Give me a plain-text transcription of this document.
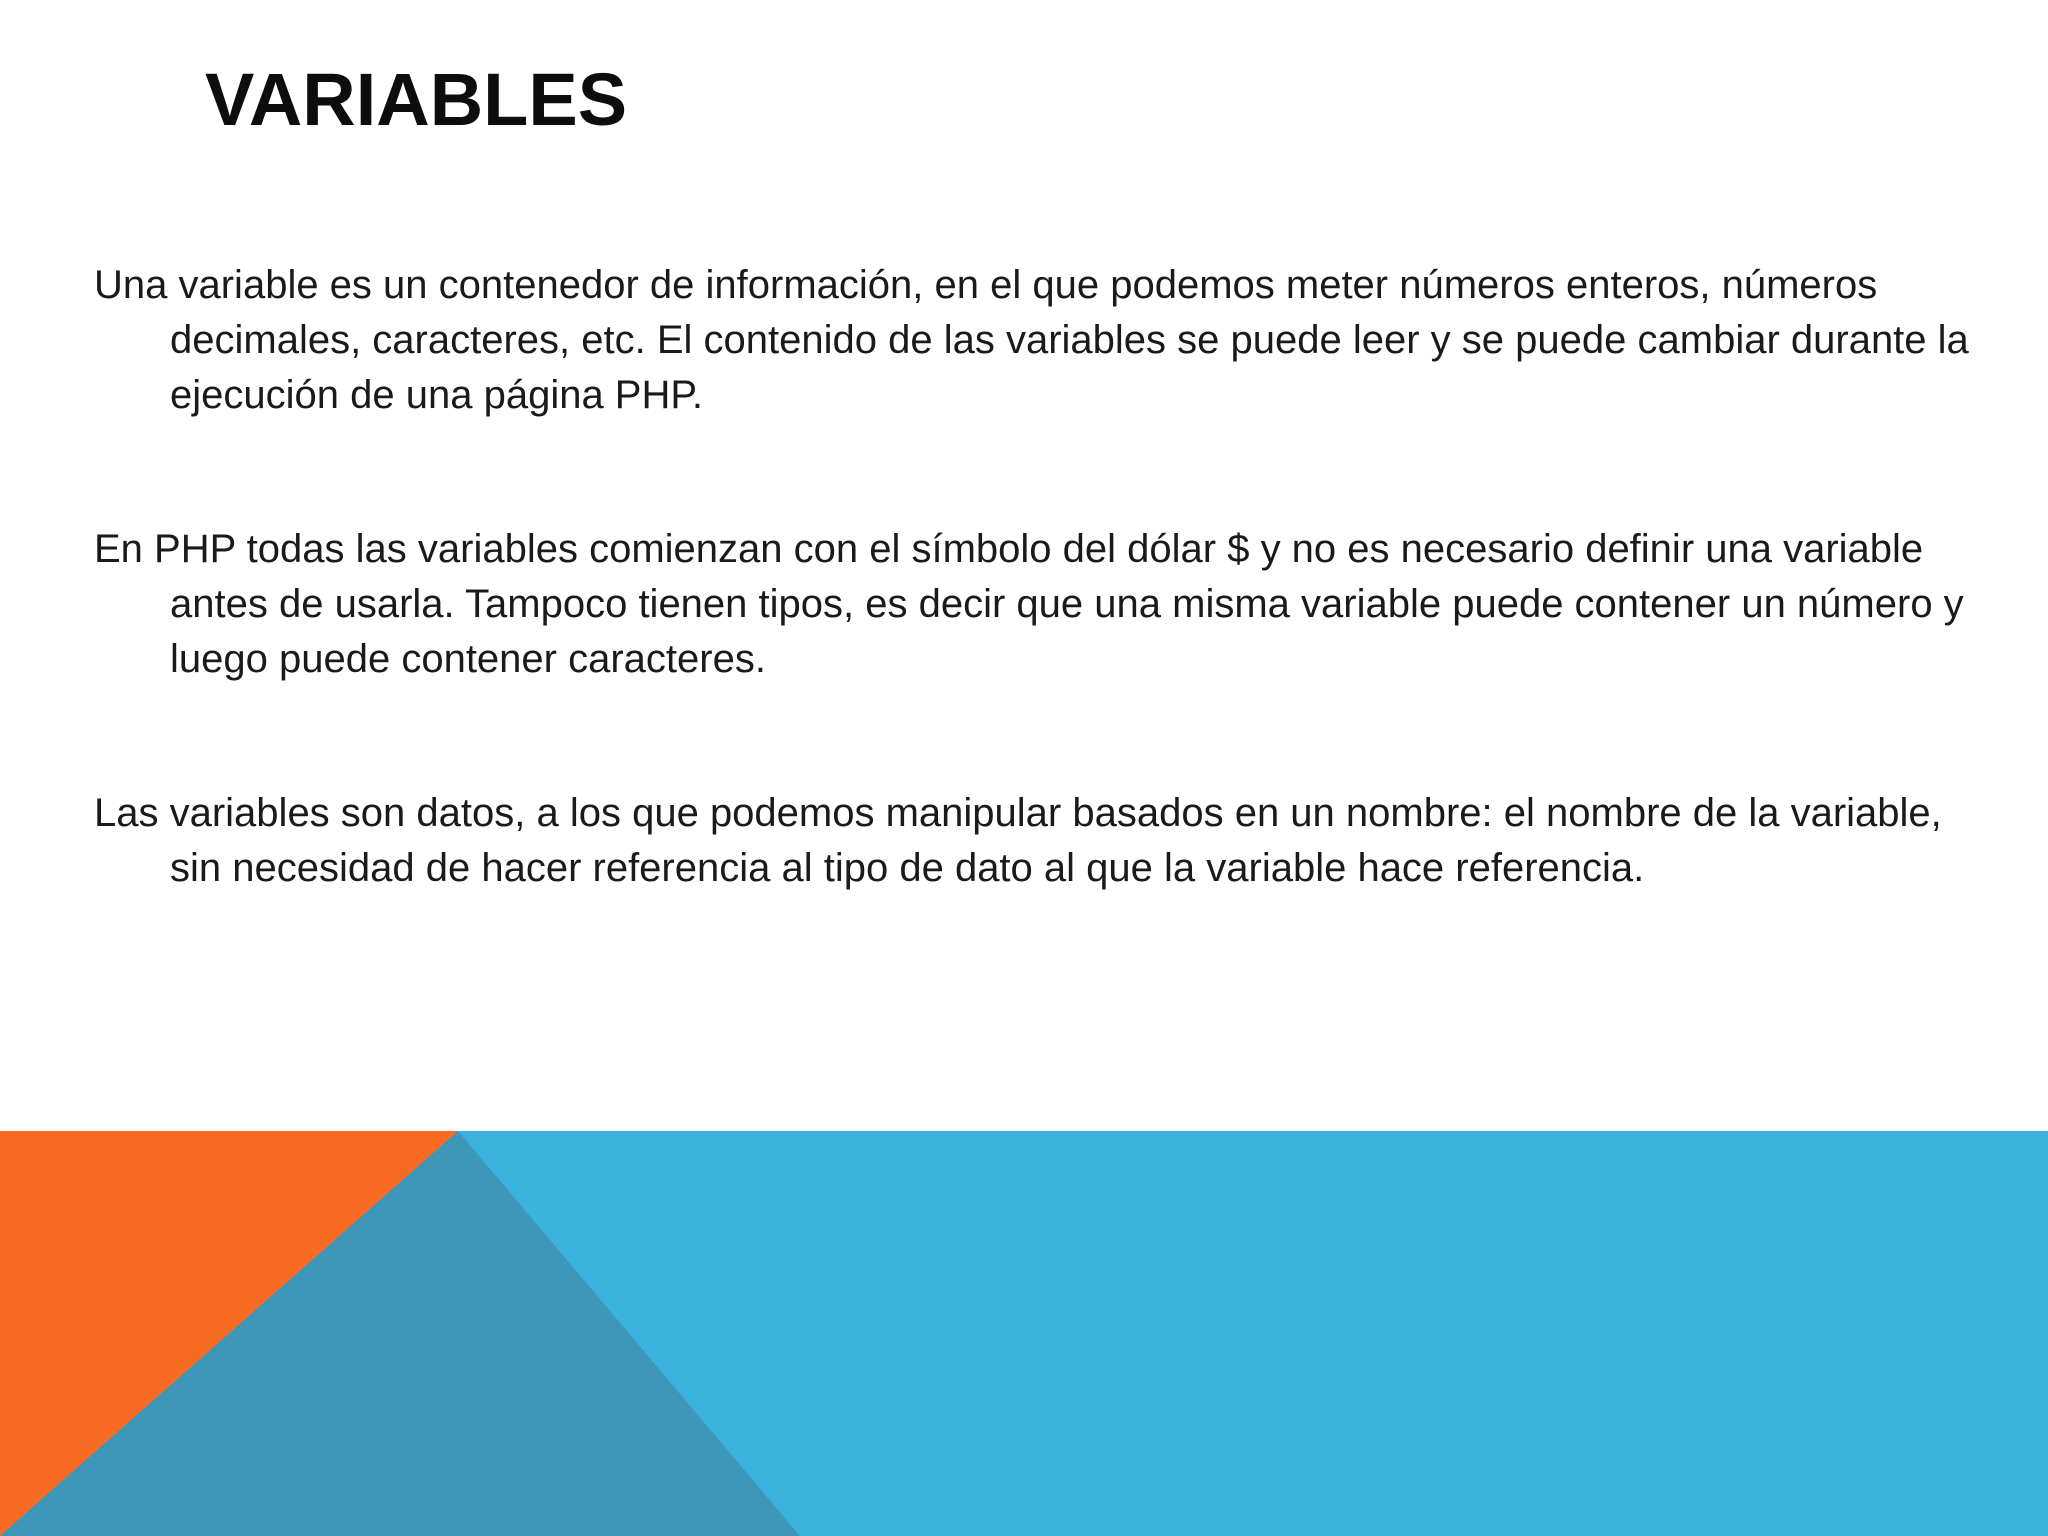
VARIABLES

Una variable es un contenedor de información, en el que podemos meter números enteros, números decimales, caracteres, etc. El contenido de las variables se puede leer y se puede cambiar durante la ejecución de una página PHP.

En PHP todas las variables comienzan con el símbolo del dólar $ y no es necesario definir una variable antes de usarla. Tampoco tienen tipos, es decir que una misma variable puede contener un número y luego puede contener caracteres.

Las variables son datos, a los que podemos manipular basados en un nombre: el nombre de la variable, sin necesidad de hacer referencia al tipo de dato al que la variable hace referencia.
